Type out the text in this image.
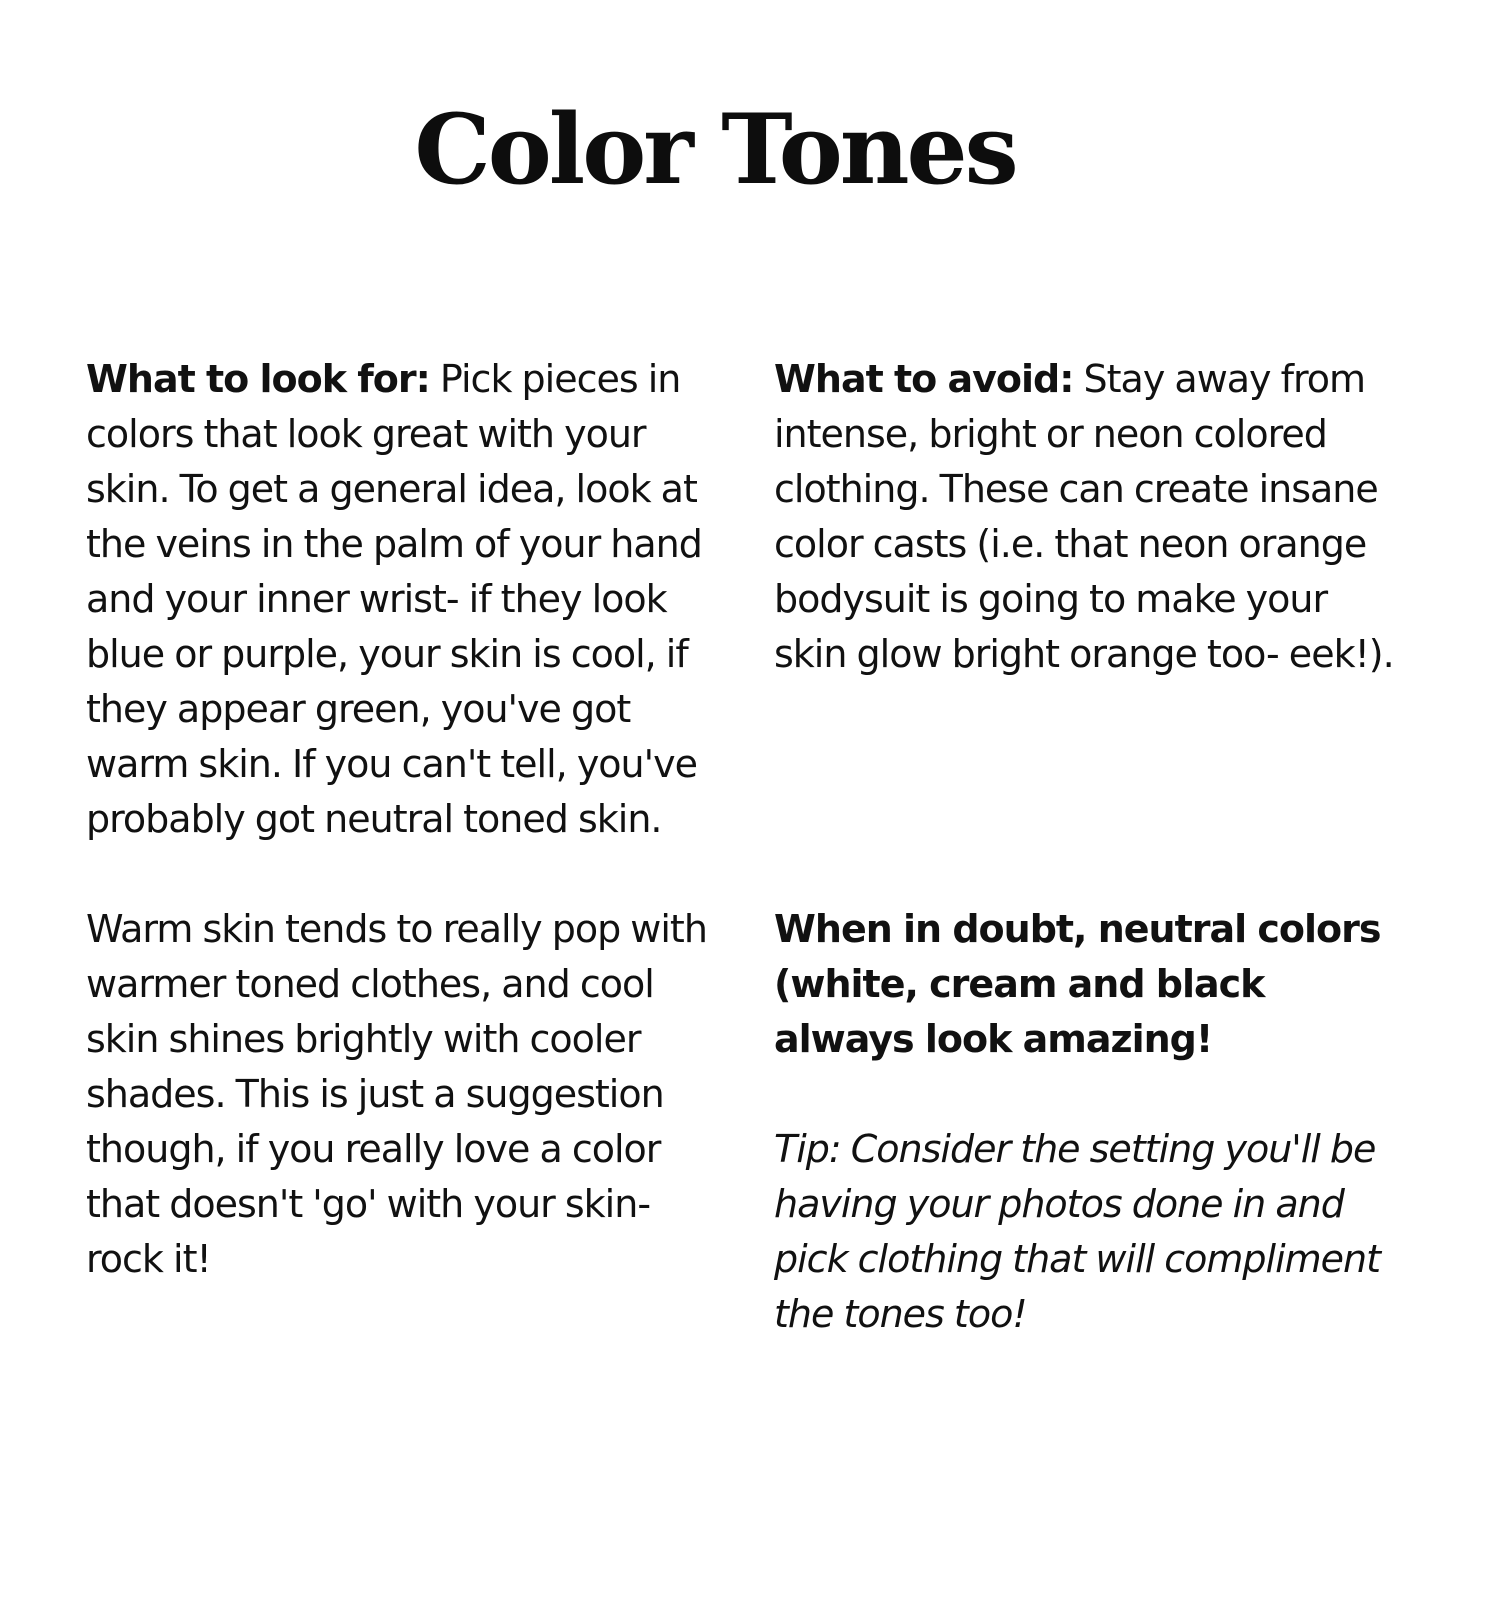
Color Tones

What to look for: Pick pieces in colors that look great with your skin. To get a general idea, look at the veins in the palm of your hand and your inner wrist- if they look blue or purple, your skin is cool, if they appear green, you've got warm skin. If you can't tell, you've probably got neutral toned skin.

Warm skin tends to really pop with warmer toned clothes, and cool skin shines brightly with cooler shades. This is just a suggestion though, if you really love a color that doesn't 'go' with your skin- rock it!

What to avoid: Stay away from intense, bright or neon colored clothing. These can create insane color casts (i.e. that neon orange bodysuit is going to make your skin glow bright orange too- eek!).

When in doubt, neutral colors (white, cream and black always look amazing!

Tip: Consider the setting you'll be having your photos done in and pick clothing that will compliment the tones too!
